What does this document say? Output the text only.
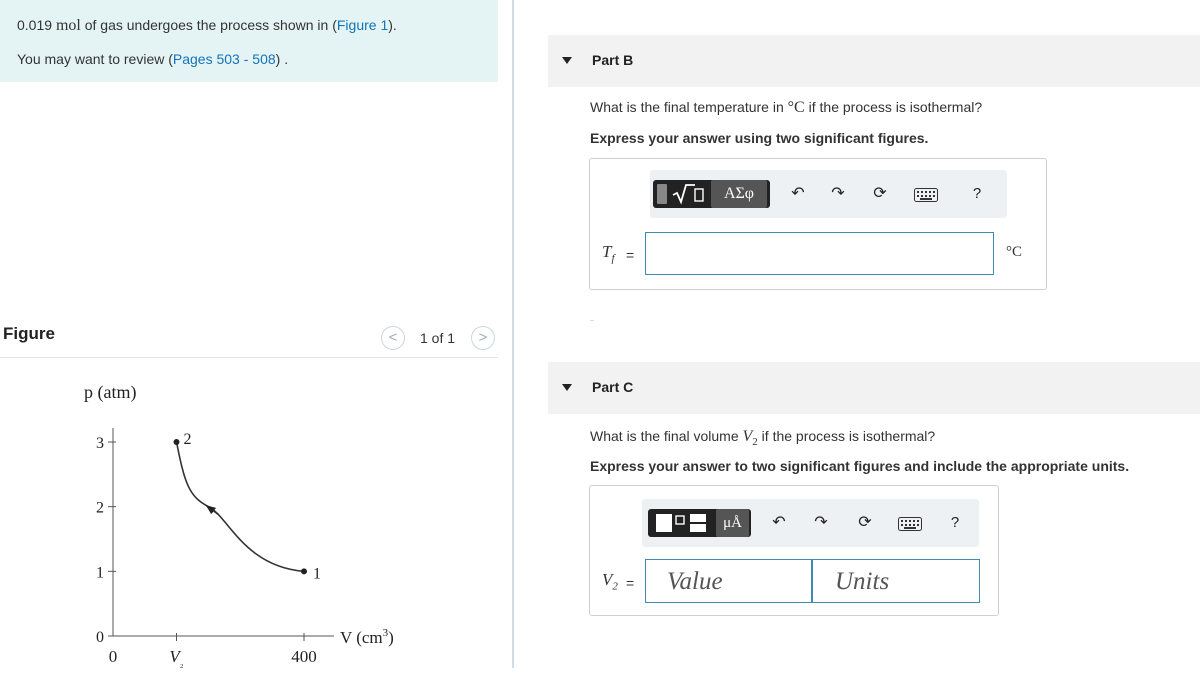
0.019 mol of gas undergoes the process shown in (Figure 1).
You may want to review (Pages 503 - 508) .
Figure	<	1 of 1	>
p (atm)
V $(cm^3)$
0
1
2
3
0	$V_{_2}$	400
2
1
Part B
What is the final temperature in °C if the process is isothermal?
Express your answer using two significant figures.
ΑΣφ	↶ ↷ ⟳	?
$T_f$ =	°C
Part C
What is the final volume $V_2$ if the process is isothermal?
Express your answer to two significant figures and include the appropriate units.
μÅ	↶ ↷ ⟳	?
$V_2$ =	Value	Units
